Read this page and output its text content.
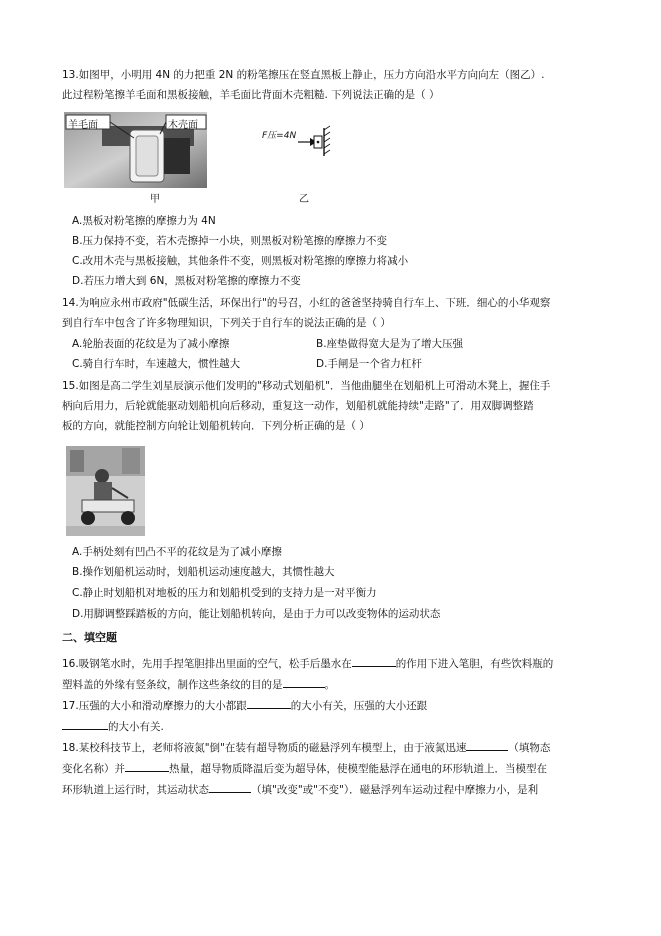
13.如图甲，小明用 4N 的力把重 2N 的粉笔擦压在竖直黑板上静止，压力方向沿水平方向向左（图乙）.
此过程粉笔擦羊毛面和黑板接触，羊毛面比背面木壳粗糙. 下列说法正确的是（ ）
羊毛面	木壳面
甲
F压=4N
乙
A.黑板对粉笔擦的摩擦力为 4N
B.压力保持不变，若木壳擦掉一小块，则黑板对粉笔擦的摩擦力不变
C.改用木壳与黑板接触，其他条件不变，则黑板对粉笔擦的摩擦力将减小
D.若压力增大到 6N，黑板对粉笔擦的摩擦力不变
14.为响应永州市政府"低碳生活，环保出行"的号召，小红的爸爸坚持骑自行车上、下班．细心的小华观察
到自行车中包含了许多物理知识，下列关于自行车的说法正确的是（ ）
A.轮胎表面的花纹是为了减小摩擦	B.座垫做得宽大是为了增大压强
C.骑自行车时，车速越大，惯性越大	D.手闸是一个省力杠杆
15.如图是高二学生刘星辰演示他们发明的"移动式划船机"．当他曲腿坐在划船机上可滑动木凳上，握住手
柄向后用力，后轮就能驱动划船机向后移动，重复这一动作，划船机就能持续"走路"了．用双脚调整踏
板的方向，就能控制方向轮让划船机转向．下列分析正确的是（ ）
A.手柄处刻有凹凸不平的花纹是为了减小摩擦
B.操作划船机运动时，划船机运动速度越大，其惯性越大
C.静止时划船机对地板的压力和划船机受到的支持力是一对平衡力
D.用脚调整踩踏板的方向，能让划船机转向，是由于力可以改变物体的运动状态
二、填空题
16.吸钢笔水时，先用手捏笔胆排出里面的空气，松手后墨水在	的作用下进入笔胆，有些饮料瓶的
塑料盖的外缘有竖条纹，制作这些条纹的目的是	。
17.压强的大小和滑动摩擦力的大小都跟	的大小有关，压强的大小还跟
的大小有关.
18.某校科技节上，老师将液氮"倒"在装有超导物质的磁悬浮列车模型上，由于液氮迅速	（填物态
变化名称）并	热量，超导物质降温后变为超导体，使模型能悬浮在通电的环形轨道上．当模型在
环形轨道上运行时，其运动状态	（填"改变"或"不变"）．磁悬浮列车运动过程中摩擦力小，是利
